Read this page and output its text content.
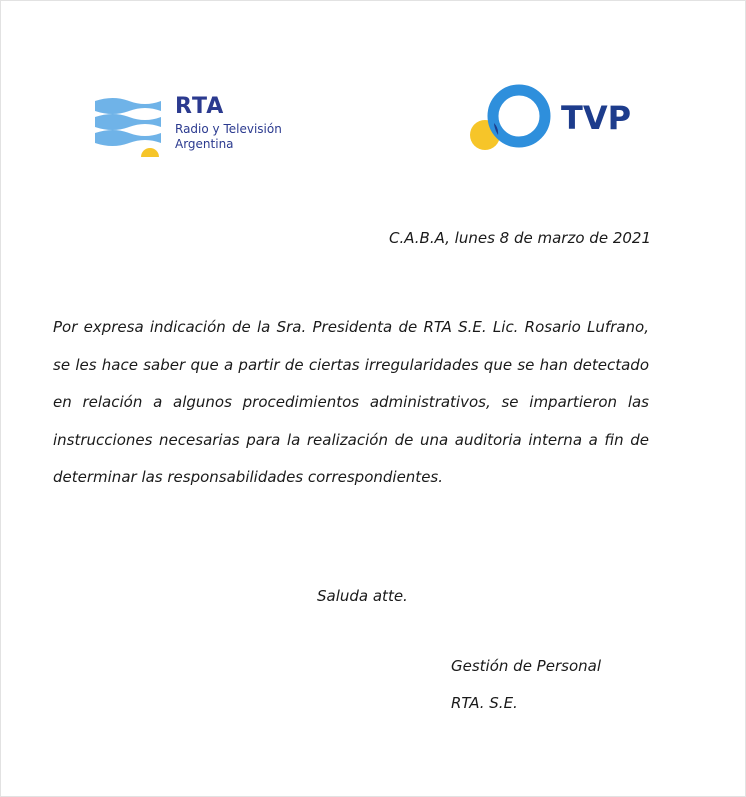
RTA
Radio y Televisión
Argentina
TVP
C.A.B.A, lunes 8 de marzo de 2021
Por expresa indicación de la Sra. Presidenta de RTA S.E. Lic. Rosario Lufrano, se les hace saber que a partir de ciertas irregularidades que se han detectado en relación a algunos procedimientos administrativos, se impartieron las instrucciones necesarias para la realización de una auditoria interna a fin de determinar las responsabilidades correspondientes.
Saluda atte.
Gestión de Personal
RTA. S.E.
